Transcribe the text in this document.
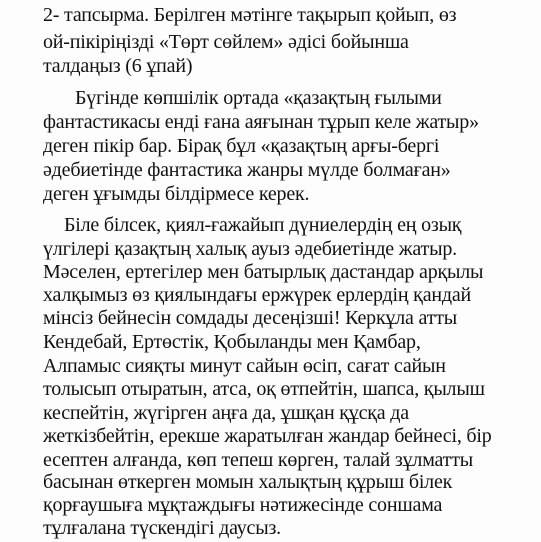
2- тапсырма. Берілген мәтінге тақырып қойып, өз
ой-пікіріңізді «Төрт сөйлем» әдісі бойынша
талдаңыз (6 ұпай)
Бүгінде көпшілік ортада «қазақтың ғылыми
фантастикасы енді ғана аяғынан тұрып келе жатыр»
деген пікір бар. Бірақ бұл «қазақтың арғы-бергі
әдебиетінде фантастика жанры мүлде болмаған»
деген ұғымды білдірмесе керек.
Біле білсек, қиял-ғажайып дүниелердің ең озық
үлгілері қазақтың халық ауыз әдебиетінде жатыр.
Мәселен, ертегілер мен батырлық дастандар арқылы
халқымыз өз қиялындағы ержүрек ерлердің қандай
мінсіз бейнесін сомдады десеңізші! Керкұла атты
Кендебай, Ертөстік, Қобыланды мен Қамбар,
Алпамыс сияқты минут сайын өсіп, сағат сайын
толысып отыратын, атса, оқ өтпейтін, шапса, қылыш
кеспейтін, жүгірген аңға да, ұшқан құсқа да
жеткізбейтін, ерекше жаратылған жандар бейнесі, бір
есептен алғанда, көп тепеш көрген, талай зұлматты
басынан өткерген момын халықтың құрыш білек
қорғаушыға мұқтаждығы нәтижесінде соншама
тұлғалана түскендігі даусыз.
